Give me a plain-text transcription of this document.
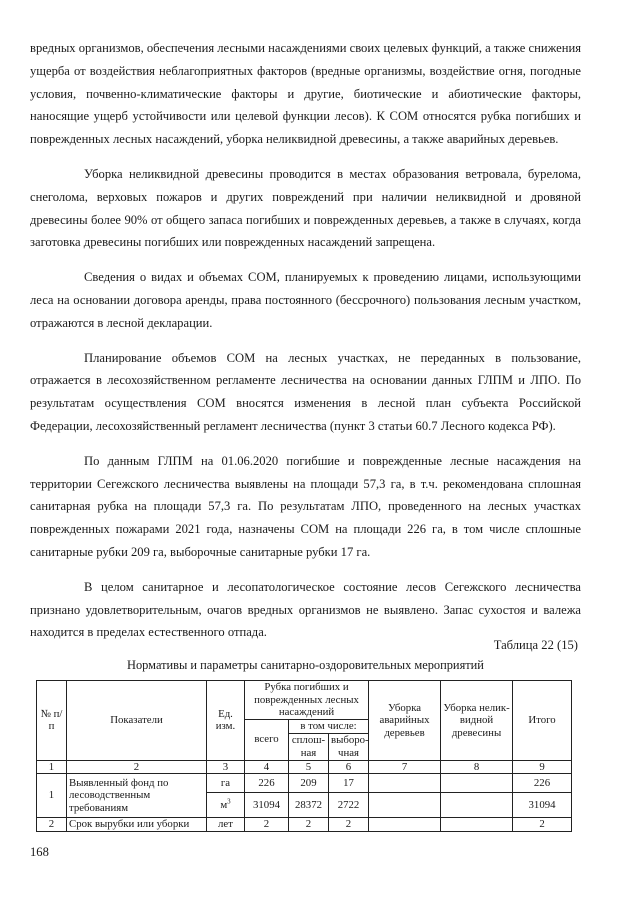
вредных организмов, обеспечения лесными насаждениями своих целевых функций, а также снижения ущерба от воздействия неблагоприятных факторов (вредные организмы, воздействие огня, погодные условия, почвенно-климатические факторы и другие, биотические и абиотические факторы, наносящие ущерб устойчивости или целевой функции лесов). К СОМ относятся рубка погибших и поврежденных лесных насаждений, уборка неликвидной древесины, а также аварийных деревьев.

Уборка неликвидной древесины проводится в местах образования ветровала, бурелома, снеголома, верховых пожаров и других повреждений при наличии неликвидной и дровяной древесины более 90% от общего запаса погибших и поврежденных деревьев, а также в случаях, когда заготовка древесины погибших или поврежденных насаждений запрещена.

Сведения о видах и объемах СОМ, планируемых к проведению лицами, использующими леса на основании договора аренды, права постоянного (бессрочного) пользования лесным участком, отражаются в лесной декларации.

Планирование объемов СОМ на лесных участках, не переданных в пользование, отражается в лесохозяйственном регламенте лесничества на основании данных ГЛПМ и ЛПО. По результатам осуществления СОМ вносятся изменения в лесной план субъекта Российской Федерации, лесохозяйственный регламент лесничества (пункт 3 статьи 60.7 Лесного кодекса РФ).

По данным ГЛПМ на 01.06.2020 погибшие и поврежденные лесные насаждения на территории Сегежского лесничества выявлены на площади 57,3 га, в т.ч. рекомендована сплошная санитарная рубка на площади 57,3 га. По результатам ЛПО, проведенного на лесных участках поврежденных пожарами 2021 года, назначены СОМ на площади 226 га, в том числе сплошные санитарные рубки 209 га, выборочные санитарные рубки 17 га.

В целом санитарное и лесопатологическое состояние лесов Сегежского лесничества признано удовлетворительным, очагов вредных организмов не выявлено. Запас сухостоя и валежа находится в пределах естественного отпада.

Таблица 22 (15)
Нормативы и параметры санитарно-оздоровительных мероприятий
№ п/п	Показатели	Ед. изм.	Рубка погибших и поврежденных лесных насаждений			Уборка аварийных деревьев	Уборка нелик-видной древесины	Итого
			всего	в том числе:				
				сплош-ная	выборо-чная			
1	2	3	4	5	6	7	8	9
1	Выявленный фонд по лесоводственным требованиям	га	226	209	17			226
		$м^3$	31094	28372	2722			31094
2	Срок вырубки или уборки	лет	2	2	2			2
168
